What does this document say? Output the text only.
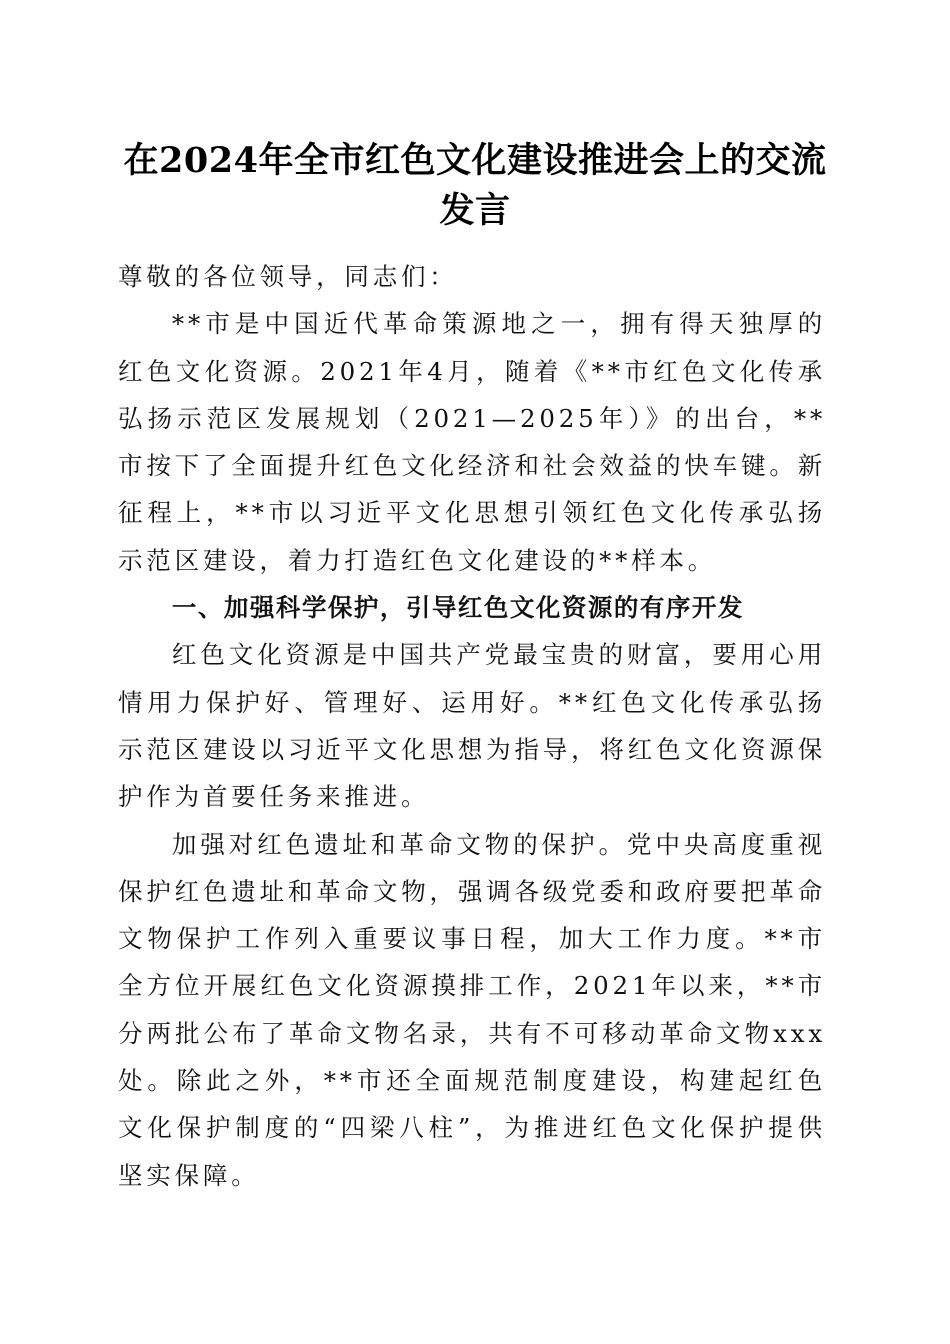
在2024年全市红色文化建设推进会上的交流发言

尊敬的各位领导，同志们：

**市是中国近代革命策源地之一，拥有得天独厚的红色文化资源。2021年4月，随着《**市红色文化传承弘扬示范区发展规划（2021—2025年）》的出台，**市按下了全面提升红色文化经济和社会效益的快车键。新征程上，**市以习近平文化思想引领红色文化传承弘扬示范区建设，着力打造红色文化建设的**样本。

一、加强科学保护，引导红色文化资源的有序开发

红色文化资源是中国共产党最宝贵的财富，要用心用情用力保护好、管理好、运用好。**红色文化传承弘扬示范区建设以习近平文化思想为指导，将红色文化资源保护作为首要任务来推进。

加强对红色遗址和革命文物的保护。党中央高度重视保护红色遗址和革命文物，强调各级党委和政府要把革命文物保护工作列入重要议事日程，加大工作力度。**市全方位开展红色文化资源摸排工作，2021年以来，**市分两批公布了革命文物名录，共有不可移动革命文物xxx处。除此之外，**市还全面规范制度建设，构建起红色文化保护制度的“四梁八柱”，为推进红色文化保护提供坚实保障。
